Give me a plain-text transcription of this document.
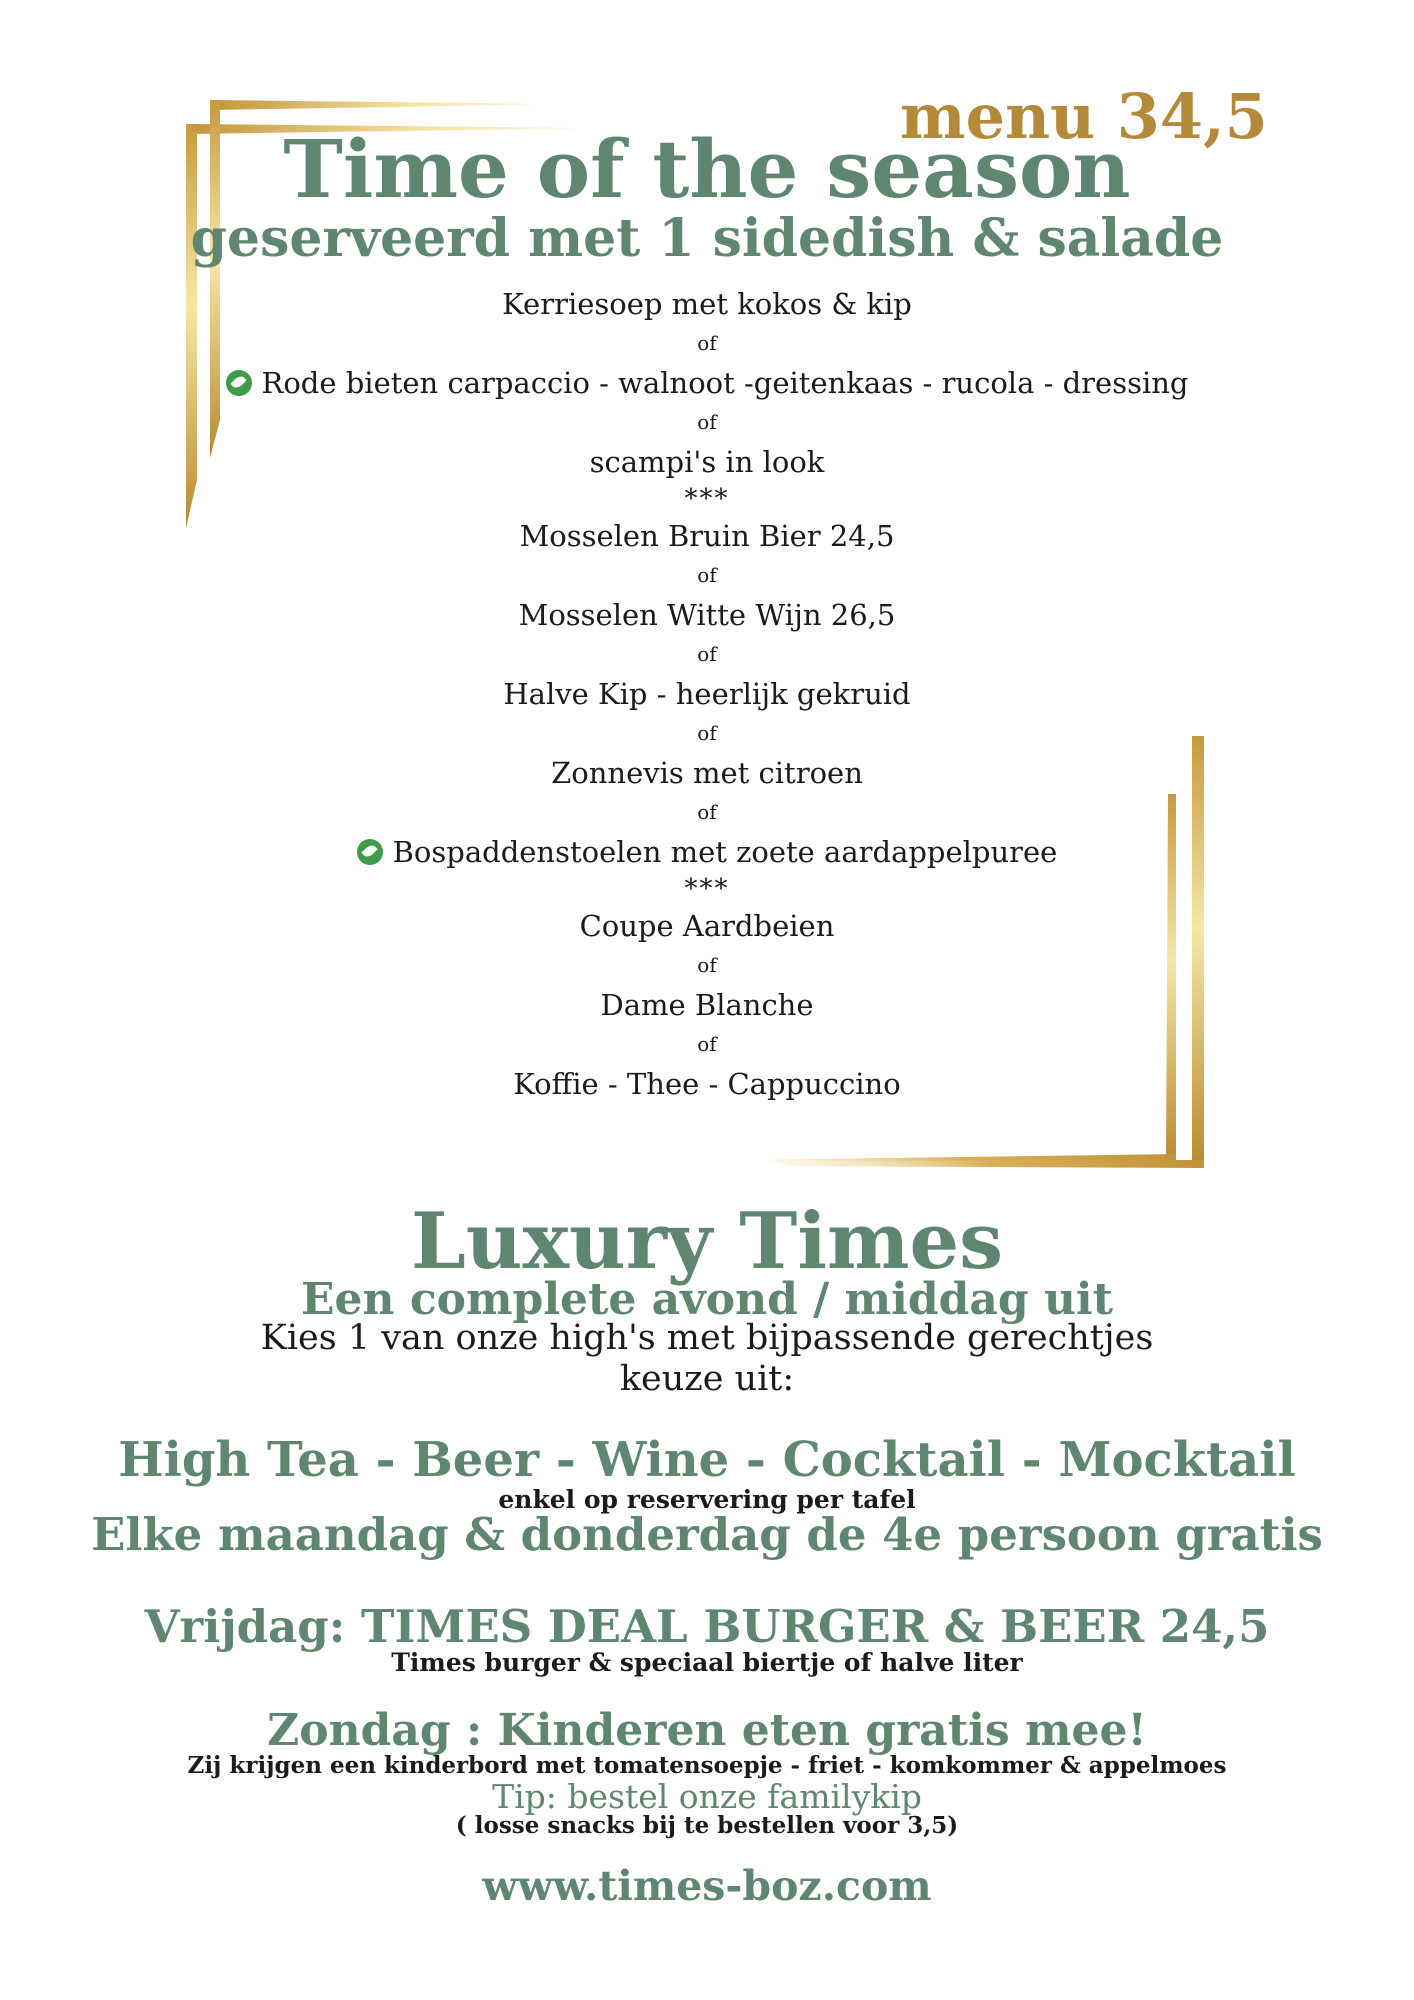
menu 34,5
Time of the season
geserveerd met 1 sidedish & salade
Kerriesoep met kokos & kip
of
Rode bieten carpaccio - walnoot -geitenkaas - rucola - dressing
of
scampi's in look
***
Mosselen Bruin Bier 24,5
of
Mosselen Witte Wijn 26,5
of
Halve Kip - heerlijk gekruid
of
Zonnevis met citroen
of
Bospaddenstoelen met zoete aardappelpuree
***
Coupe Aardbeien
of
Dame Blanche
of
Koffie - Thee - Cappuccino
Luxury Times
Een complete avond / middag uit
Kies 1 van onze high's met bijpassende gerechtjes
keuze uit:
High Tea - Beer - Wine - Cocktail - Mocktail
enkel op reservering per tafel
Elke maandag & donderdag de 4e persoon gratis
Vrijdag: TIMES DEAL BURGER & BEER 24,5
Times burger & speciaal biertje of halve liter
Zondag : Kinderen eten gratis mee!
Zij krijgen een kinderbord met tomatensoepje - friet - komkommer & appelmoes
Tip: bestel onze familykip
( losse snacks bij te bestellen voor 3,5)
www.times-boz.com
